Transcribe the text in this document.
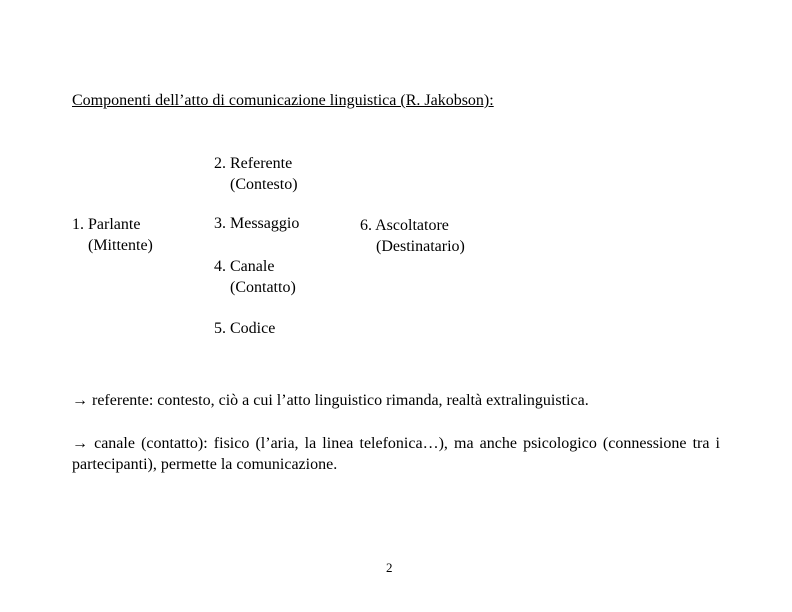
Componenti dell’atto di comunicazione linguistica (R. Jakobson):
2. Referente
(Contesto)
1. Parlante
(Mittente)
3. Messaggio	6. Ascoltatore
(Destinatario)
4. Canale
(Contatto)
5. Codice
→ referente: contesto, ciò a cui l’atto linguistico rimanda, realtà extralinguistica.
→ canale (contatto): fisico (l’aria, la linea telefonica…), ma anche psicologico (connessione tra i partecipanti), permette la comunicazione.
2
